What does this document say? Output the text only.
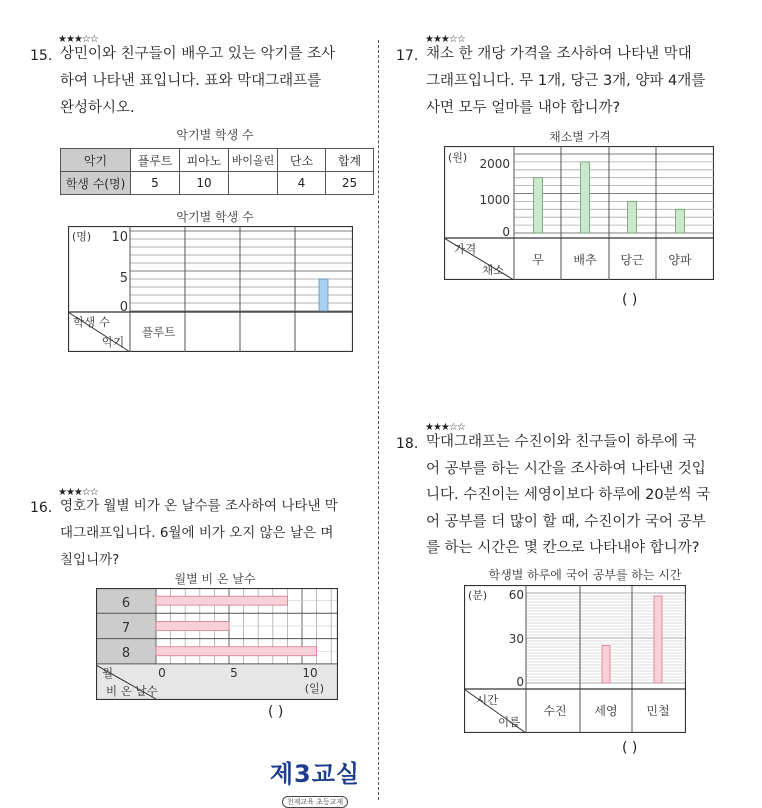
★★★☆☆
15. 상민이와 친구들이 배우고 있는 악기를 조사
하여 나타낸 표입니다. 표와 막대그래프를
완성하시오.
악기별 학생 수
악기	플루트	피아노	바이올린	단소	합계
학생 수(명)	5	10		4	25
악기별 학생 수
(명) 10
5
0
학생 수
악기
플루트
★★★☆☆
16. 영호가 월별 비가 온 날수를 조사하여 나타낸 막
대그래프입니다. 6월에 비가 오지 않은 날은 며
칠입니까?
월별 비 온 날수
6
7
8
월
비 온 날수
0	5	10
(일)
( )
★★★☆☆
17. 채소 한 개당 가격을 조사하여 나타낸 막대
그래프입니다. 무 1개, 당근 3개, 양파 4개를
사면 모두 얼마를 내야 합니까?
채소별 가격
(원) 2000
1000
0
가격
채소
무 배추 당근 양파
( )
★★★☆☆
18. 막대그래프는 수진이와 친구들이 하루에 국
어 공부를 하는 시간을 조사하여 나타낸 것입
니다. 수진이는 세영이보다 하루에 20분씩 국
어 공부를 더 많이 할 때, 수진이가 국어 공부
를 하는 시간은 몇 칸으로 나타내야 합니까?
학생별 하루에 국어 공부를 하는 시간
(분) 60
30
0
시간
이름
수진 세영 민철
( )
제3교실
천재교육 초등교재
